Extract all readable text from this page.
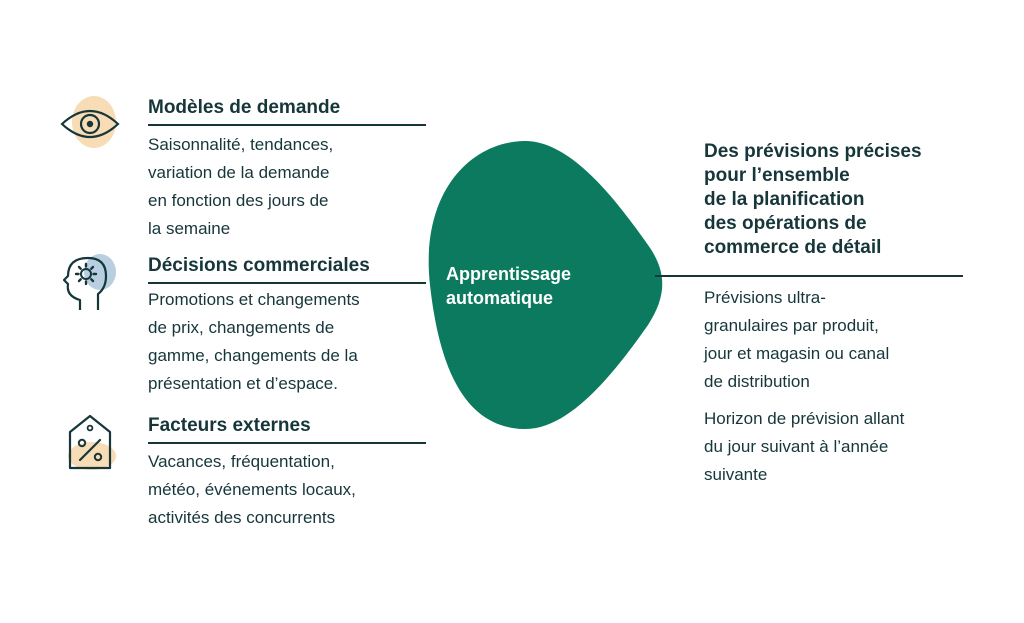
Modèles de demande
Saisonnalité, tendances,
variation de la demande
en fonction des jours de
la semaine
Décisions commerciales
Promotions et changements
de prix, changements de
gamme, changements de la
présentation et d’espace.
Facteurs externes
Vacances, fréquentation,
météo, événements locaux,
activités des concurrents
Apprentissage
automatique
Des prévisions précises
pour l’ensemble
de la planification
des opérations de
commerce de détail
Prévisions ultra-
granulaires par produit,
jour et magasin ou canal
de distribution
Horizon de prévision allant
du jour suivant à l’année
suivante
